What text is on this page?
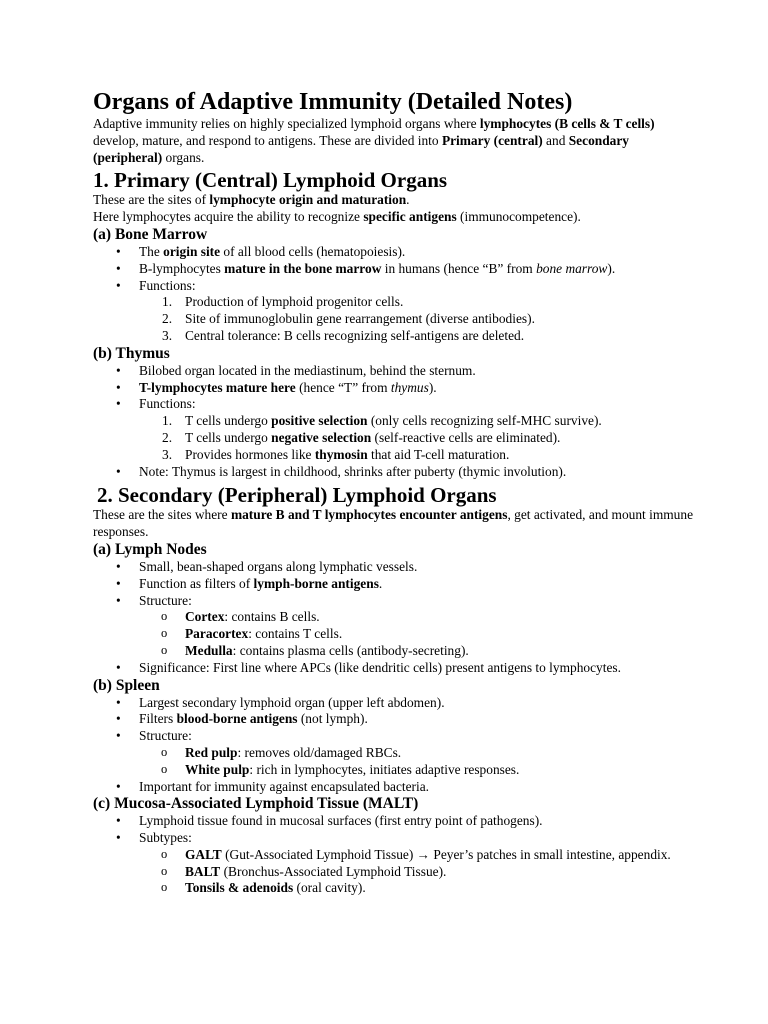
Organs of Adaptive Immunity (Detailed Notes)

Adaptive immunity relies on highly specialized lymphoid organs where lymphocytes (B cells & T cells) develop, mature, and respond to antigens. These are divided into Primary (central) and Secondary (peripheral) organs.

1. Primary (Central) Lymphoid Organs

These are the sites of lymphocyte origin and maturation.

Here lymphocytes acquire the ability to recognize specific antigens (immunocompetence).

(a) Bone Marrow
• The origin site of all blood cells (hematopoiesis).
• B-lymphocytes mature in the bone marrow in humans (hence “B” from bone marrow).
• Functions:
1. Production of lymphoid progenitor cells.
2. Site of immunoglobulin gene rearrangement (diverse antibodies).
3. Central tolerance: B cells recognizing self-antigens are deleted.
(b) Thymus
• Bilobed organ located in the mediastinum, behind the sternum.
• T-lymphocytes mature here (hence “T” from thymus).
• Functions:
1. T cells undergo positive selection (only cells recognizing self-MHC survive).
2. T cells undergo negative selection (self-reactive cells are eliminated).
3. Provides hormones like thymosin that aid T-cell maturation.
• Note: Thymus is largest in childhood, shrinks after puberty (thymic involution).
2. Secondary (Peripheral) Lymphoid Organs

These are the sites where mature B and T lymphocytes encounter antigens, get activated, and mount immune responses.

(a) Lymph Nodes
• Small, bean-shaped organs along lymphatic vessels.
• Function as filters of lymph-borne antigens.
• Structure:
o Cortex: contains B cells.
o Paracortex: contains T cells.
o Medulla: contains plasma cells (antibody-secreting).
• Significance: First line where APCs (like dendritic cells) present antigens to lymphocytes.
(b) Spleen
• Largest secondary lymphoid organ (upper left abdomen).
• Filters blood-borne antigens (not lymph).
• Structure:
o Red pulp: removes old/damaged RBCs.
o White pulp: rich in lymphocytes, initiates adaptive responses.
• Important for immunity against encapsulated bacteria.
(c) Mucosa-Associated Lymphoid Tissue (MALT)
• Lymphoid tissue found in mucosal surfaces (first entry point of pathogens).
• Subtypes:
o GALT (Gut-Associated Lymphoid Tissue) → Peyer’s patches in small intestine, appendix.
o BALT (Bronchus-Associated Lymphoid Tissue).
o Tonsils & adenoids (oral cavity).
